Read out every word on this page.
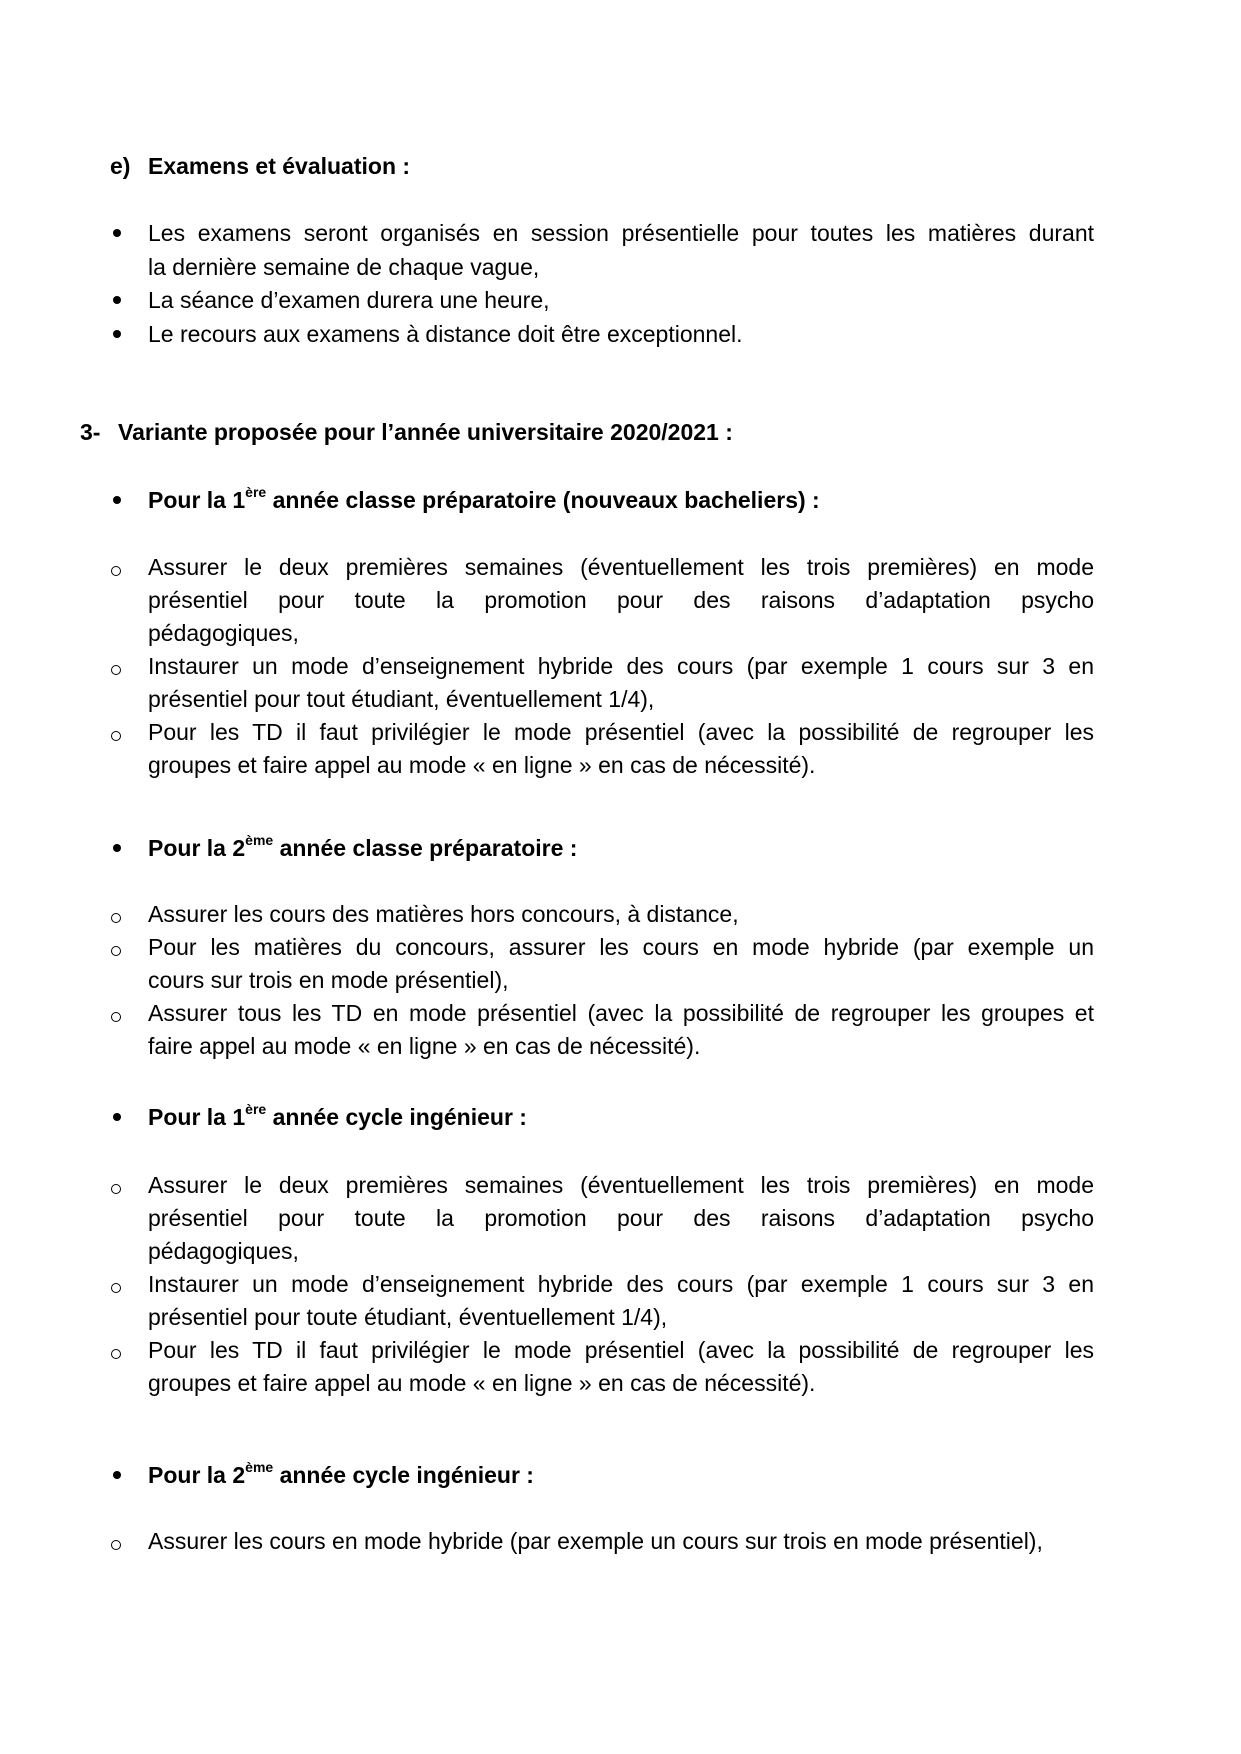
e) Examens et évaluation :
Les examens seront organisés en session présentielle pour toutes les matières durant
la dernière semaine de chaque vague,
La séance d’examen durera une heure,
Le recours aux examens à distance doit être exceptionnel.
3- Variante proposée pour l’année universitaire 2020/2021 :
Pour la 1ère année classe préparatoire (nouveaux bacheliers) :
Assurer le deux premières semaines (éventuellement les trois premières) en mode
présentiel pour toute la promotion pour des raisons d’adaptation psycho
pédagogiques,
Instaurer un mode d’enseignement hybride des cours (par exemple 1 cours sur 3 en
présentiel pour tout étudiant, éventuellement 1/4),
Pour les TD il faut privilégier le mode présentiel (avec la possibilité de regrouper les
groupes et faire appel au mode « en ligne » en cas de nécessité).
Pour la 2ème année classe préparatoire :
Assurer les cours des matières hors concours, à distance,
Pour les matières du concours, assurer les cours en mode hybride (par exemple un
cours sur trois en mode présentiel),
Assurer tous les TD en mode présentiel (avec la possibilité de regrouper les groupes et
faire appel au mode « en ligne » en cas de nécessité).
Pour la 1ère année cycle ingénieur :
Assurer le deux premières semaines (éventuellement les trois premières) en mode
présentiel pour toute la promotion pour des raisons d’adaptation psycho
pédagogiques,
Instaurer un mode d’enseignement hybride des cours (par exemple 1 cours sur 3 en
présentiel pour toute étudiant, éventuellement 1/4),
Pour les TD il faut privilégier le mode présentiel (avec la possibilité de regrouper les
groupes et faire appel au mode « en ligne » en cas de nécessité).
Pour la 2ème année cycle ingénieur :
Assurer les cours en mode hybride (par exemple un cours sur trois en mode présentiel),
